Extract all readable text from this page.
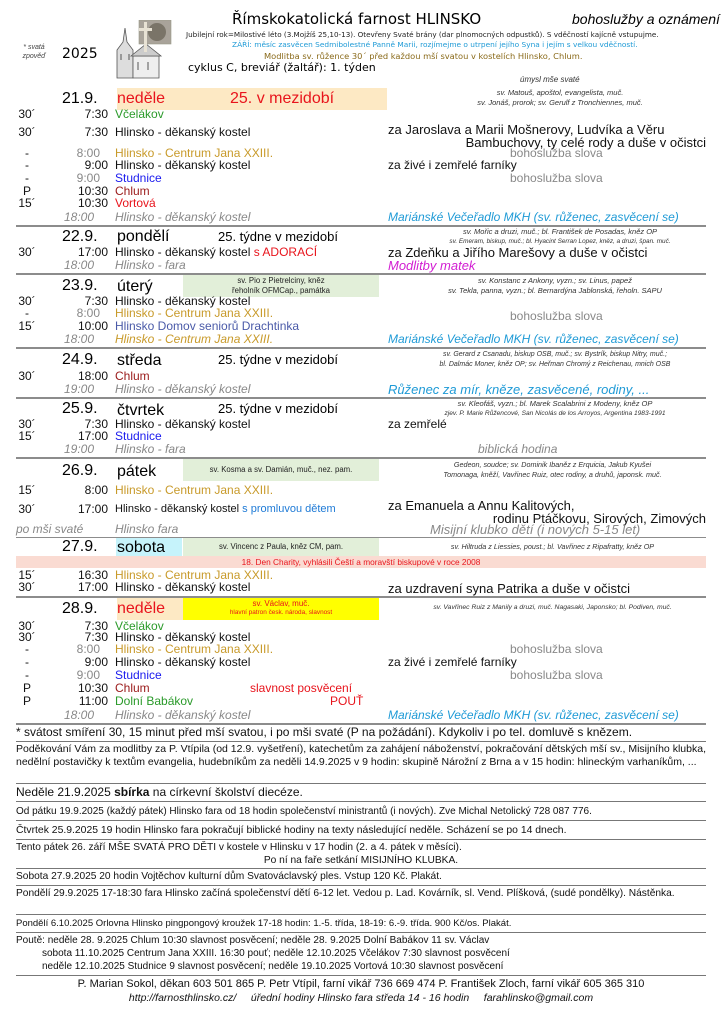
* svatá zpověď	2025
Římskokatolická farnost HLINSKO	bohoslužby a oznámení
Jubilejní rok=Milostivé léto (3.Mojžíš 25,10-13). Otevřeny Svaté brány (dar plnomocných odpustků). S vděčností kajícně vstupujme.
ZÁŘÍ: měsíc zasvěcen Sedmibolestné Panně Marii, rozjímejme o utrpení jejího Syna i jejím s velkou vděčností.
Modlitba sv. růžence 30´ před každou mší svatou v kostelích Hlinsko, Chlum.
cyklus C, breviář (žaltář): 1. týden
úmysl mše svaté
21.9. neděle	25. v mezidobí	sv. Matouš, apoštol, evangelista, muč.
sv. Jonáš, prorok; sv. Gerulf z Tronchiennes, muč.
30´	7:30 Včelákov
30´	7:30 Hlinsko - děkanský kostel	za Jaroslava a Marii Mošnerovy, Ludvíka a Věru
Bambuchovy, ty celé rody a duše v očistci
-	8:00 Hlinsko - Centrum Jana XXIII.	bohoslužba slova
-	9:00 Hlinsko - děkanský kostel	za živé i zemřelé farníky
-	9:00 Studnice	bohoslužba slova
P	10:30 Chlum
15´	10:30 Vortová
18:00 Hlinsko - děkanský kostel	Mariánské Večeřadlo MKH (sv. růženec, zasvěcení se)
22.9. pondělí	25. týdne v mezidobí	sv. Mořic a druzi, muč.; bl. František de Posadas, kněz OP
sv. Emeram, biskup, muč.; bl. Hyacint Serran Lopez, kněz, a druzi, špan. muč.
30´	17:00 Hlinsko - děkanský kostel s ADORACÍ	za Zdeňku a Jiřího Marešovy a duše v očistci
18:00 Hlinsko - fara	Modlitby matek
23.9. úterý	sv. Pio z Pietrelciny, kněz
řeholník OFMCap., památka
sv. Konstanc z Ankony, vyzn.; sv. Linus, papež
sv. Tekla, panna, vyzn.; bl. Bernardýna Jablonská, řeholn. SAPU
30´	7:30 Hlinsko - děkanský kostel
-	8:00 Hlinsko - Centrum Jana XXIII.	bohoslužba slova
15´	10:00 Hlinsko Domov seniorů Drachtinka
18:00 Hlinsko - Centrum Jana XXIII.	Mariánské Večeřadlo MKH (sv. růženec, zasvěcení se)
24.9. středa	25. týdne v mezidobí	sv. Gerard z Csanadu, biskup OSB, muč.; sv. Bystrík, biskup Nitry, muč.;
bl. Dalmác Moner, kněz OP; sv. Heřman Chromý z Reichenau, mnich OSB
30´	18:00 Chlum
19:00 Hlinsko - děkanský kostel	Růženec za mír, kněze, zasvěcené, rodiny, ...
25.9. čtvrtek	25. týdne v mezidobí	sv. Kleofáš, vyzn.; bl. Marek Scalabrini z Modeny, kněz OP
zjev. P. Marie Růžencové, San Nicolás de los Arroyos, Argentina 1983-1991
30´	7:30 Hlinsko - děkanský kostel	za zemřelé
15´	17:00 Studnice
19:00 Hlinsko - fara	biblická hodina
26.9. pátek	sv. Kosma a sv. Damián, muč., nez. pam.
Gedeon, soudce; sv. Dominik Ibaněz z Erquicia, Jakub Kyušei
Tomonaga, kněží, Vavřinec Ruiz, otec rodiny, a druhů, japonsk. muč.
15´	8:00 Hlinsko - Centrum Jana XXIII.
30´	17:00 Hlinsko - děkanský kostel s promluvou dětem	za Emanuela a Annu Kalitových,
rodinu Ptáčkovu, Sirových, Zimových
po mši svaté	Hlinsko fara	Misijní klubko dětí (i nových 5-15 let)
27.9. sobota	sv. Vincenc z Paula, kněz CM, pam.	sv. Hiltruda z Liessies, poust.; bl. Vavřinec z Ripafratty, kněz OP
18. Den Charity, vyhlásili Čeští a moravští biskupové v roce 2008
15´	16:30 Hlinsko - Centrum Jana XXIII.
30´	17:00 Hlinsko - děkanský kostel	za uzdravení syna Patrika a duše v očistci
28.9. neděle	sv. Václav, muč.
hlavní patron česk. národa, slavnost
sv. Vavřinec Ruiz z Manily a druzi, muč. Nagasaki, Japonsko; bl. Podiven, muč.
30´	7:30 Včelákov
30´	7:30 Hlinsko - děkanský kostel
-	8:00 Hlinsko - Centrum Jana XXIII.	bohoslužba slova
-	9:00 Hlinsko - děkanský kostel	za živé i zemřelé farníky
-	9:00 Studnice	bohoslužba slova
P	10:30 Chlum	slavnost posvěcení
P	11:00 Dolní Babákov	POUŤ
18:00 Hlinsko - děkanský kostel	Mariánské Večeřadlo MKH (sv. růženec, zasvěcení se)
* svátost smíření 30, 15 minut před mší svatou, i po mši svaté (P na požádání). Kdykoliv i po tel. domluvě s knězem.
Poděkování Vám za modlitby za P. Vtípila (od 12.9. vyšetření), katechetům za zahájení náboženství, pokračování dětských mší sv., Misijního klubka, nedělní postavičky k textům evangelia, hudebníkům za neděli 14.9.2025 v 9 hodin: skupině Nárožní z Brna a v 15 hodin: hlineckým varhaníkům, ...
Neděle 21.9.2025 sbírka na církevní školství diecéze.
Od pátku 19.9.2025 (každý pátek) Hlinsko fara od 18 hodin společenství ministrantů (i nových). Zve Michal Netolický 728 087 776.
Čtvrtek 25.9.2025 19 hodin Hlinsko fara pokračují biblické hodiny na texty následující neděle. Scházení se po 14 dnech.
Tento pátek 26. září MŠE SVATÁ PRO DĚTI v kostele v Hlinsku v 17 hodin (2. a 4. pátek v měsíci).
Po ní na faře setkání MISIJNÍHO KLUBKA.
Sobota 27.9.2025 20 hodin Vojtěchov kulturní dům Svatováclavský ples. Vstup 120 Kč. Plakát.
Pondělí 29.9.2025 17-18:30 fara Hlinsko začíná společenství dětí 6-12 let. Vedou p. Lad. Kovárník, sl. Vend. Plíšková, (sudé pondělky). Nástěnka.
Pondělí 6.10.2025 Orlovna Hlinsko pingpongový kroužek 17-18 hodin: 1.-5. třída, 18-19: 6.-9. třída. 900 Kč/os. Plakát.
Poutě: neděle 28. 9.2025 Chlum 10:30 slavnost posvěcení; neděle 28. 9.2025 Dolní Babákov 11 sv. Václav
sobota 11.10.2025 Centrum Jana XXIII. 16:30 pouť; neděle 12.10.2025 Včelákov 7:30 slavnost posvěcení
neděle 12.10.2025 Studnice 9 slavnost posvěcení; neděle 19.10.2025 Vortová 10:30 slavnost posvěcení
P. Marian Sokol, děkan 603 501 865 P. Petr Vtípil, farní vikář 736 669 474 P. František Zloch, farní vikář 605 365 310
http://farnosthlinsko.cz/ úřední hodiny Hlinsko fara středa 14 - 16 hodin farahlinsko@gmail.com
